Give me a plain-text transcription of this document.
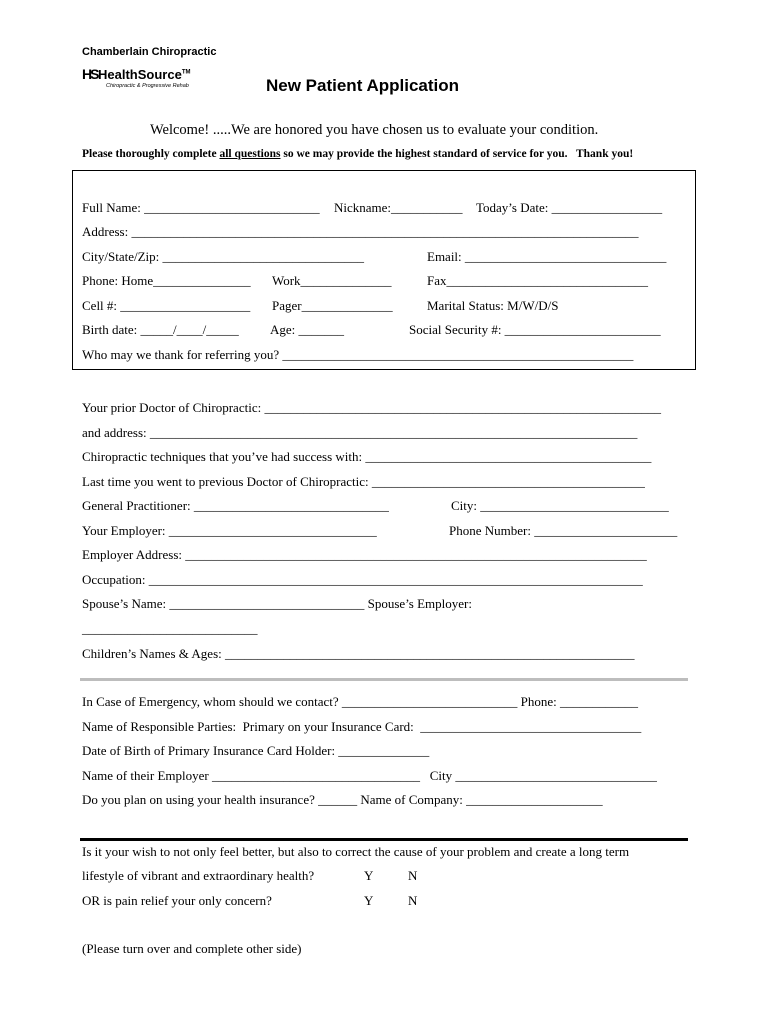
Chamberlain Chiropractic
HS HealthSource™
Chiropractic & Progressive Rehab	New Patient Application
Welcome! .....We are honored you have chosen us to evaluate your condition.
Please thoroughly complete all questions so we may provide the highest standard of service for you.   Thank you!
Full Name: ___________________________ Nickname:___________ Today’s Date: _________________
Address: ______________________________________________________________________________
City/State/Zip: _______________________________	Email: _______________________________
Phone: Home_______________ Work______________	Fax_______________________________
Cell #: ____________________ Pager______________	Marital Status: M/W/D/S
Birth date: _____/____/_____ Age: _______	Social Security #: ________________________
Who may we thank for referring you? ______________________________________________________
Your prior Doctor of Chiropractic: _____________________________________________________________
and address: ___________________________________________________________________________
Chiropractic techniques that you’ve had success with: ____________________________________________
Last time you went to previous Doctor of Chiropractic: __________________________________________
General Practitioner: ______________________________	City: _____________________________
Your Employer: ________________________________	Phone Number: ______________________
Employer Address: _______________________________________________________________________
Occupation: ____________________________________________________________________________
Spouse’s Name: ______________________________ Spouse’s Employer:
___________________________
Children’s Names & Ages: _______________________________________________________________
In Case of Emergency, whom should we contact? ___________________________ Phone: ____________
Name of Responsible Parties:  Primary on your Insurance Card:  __________________________________
Date of Birth of Primary Insurance Card Holder: ______________
Name of their Employer ________________________________   City _______________________________
Do you plan on using your health insurance? ______ Name of Company: _____________________
Is it your wish to not only feel better, but also to correct the cause of your problem and create a long term
lifestyle of vibrant and extraordinary health?	Y	N
OR is pain relief your only concern?	Y	N
(Please turn over and complete other side)
